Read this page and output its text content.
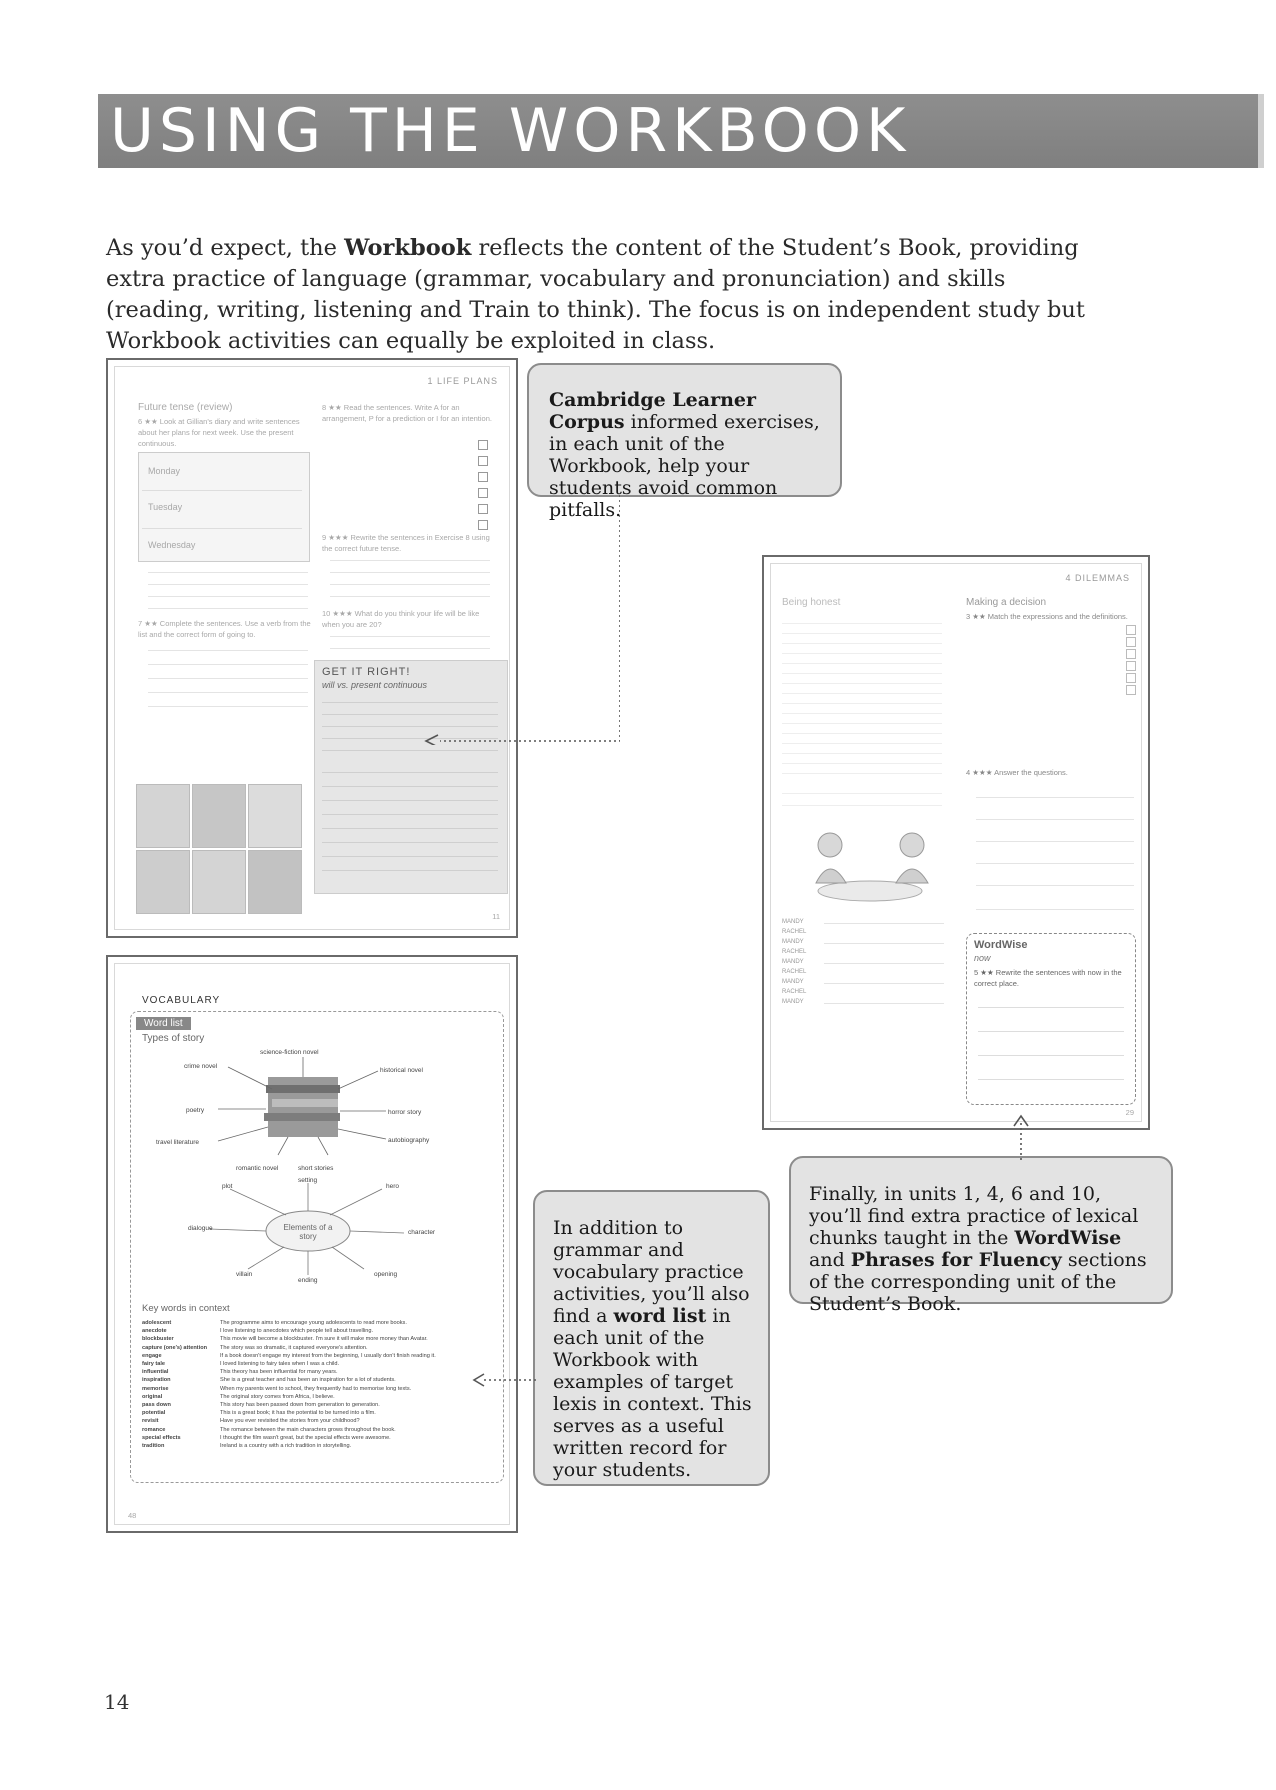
USING THE WORKBOOK

As you’d expect, the Workbook reflects the content of the Student’s Book, providing extra practice of language (grammar, vocabulary and pronunciation) and skills (reading, writing, listening and Train to think). The focus is on independent study but Workbook activities can equally be exploited in class.

1 LIFE PLANS
Future tense (review)
6 ★★ Look at Gillian's diary and write sentences about her plans for next week. Use the present continuous.
Monday
Tuesday
Wednesday
7 ★★ Complete the sentences. Use a verb from the list and the correct form of going to.
8 ★★ Read the sentences. Write A for an arrangement, P for a prediction or I for an intention.
9 ★★★ Rewrite the sentences in Exercise 8 using the correct future tense.
10 ★★★ What do you think your life will be like when you are 20?
GET IT RIGHT!
will vs. present continuous
11
VOCABULARY
Word list
Types of story
science-fiction novel
crime novel
historical novel
poetry	horror story
travel literature	autobiography
romantic novel	short stories
Elements of a story
plot
setting
hero
dialogue
character
villain
ending
opening
Key words in context
adolescent	The programme aims to encourage young adolescents to read more books.
anecdote	I love listening to anecdotes which people tell about travelling.
blockbuster	This movie will become a blockbuster. I'm sure it will make more money than Avatar.
capture (one's) attention	The story was so dramatic, it captured everyone's attention.
engage	If a book doesn't engage my interest from the beginning, I usually don't finish reading it.
fairy tale	I loved listening to fairy tales when I was a child.
influential	This theory has been influential for many years.
inspiration	She is a great teacher and has been an inspiration for a lot of students.
memorise	When my parents went to school, they frequently had to memorise long texts.
original	The original story comes from Africa, I believe.
pass down	This story has been passed down from generation to generation.
potential	This is a great book; it has the potential to be turned into a film.
revisit	Have you ever revisited the stories from your childhood?
romance	The romance between the main characters grows throughout the book.
special effects	I thought the film wasn't great, but the special effects were awesome.
tradition	Ireland is a country with a rich tradition in storytelling.
48
4 DILEMMAS
Being honest	Making a decision
3 ★★ Match the expressions and the definitions.
4 ★★★ Answer the questions.
MANDY
RACHEL
MANDY
RACHEL
MANDY
RACHEL
MANDY
RACHEL
MANDY
WordWise
now
5 ★★ Rewrite the sentences with now in the correct place.
29
Cambridge Learner Corpus informed exercises, in each unit of the Workbook, help your students avoid common pitfalls.
In addition to grammar and vocabulary practice activities, you’ll also find a word list in each unit of the Workbook with examples of target lexis in context. This serves as a useful written record for your students.
Finally, in units 1, 4, 6 and 10, you’ll find extra practice of lexical chunks taught in the WordWise and Phrases for Fluency sections of the corresponding unit of the Student’s Book.
14
